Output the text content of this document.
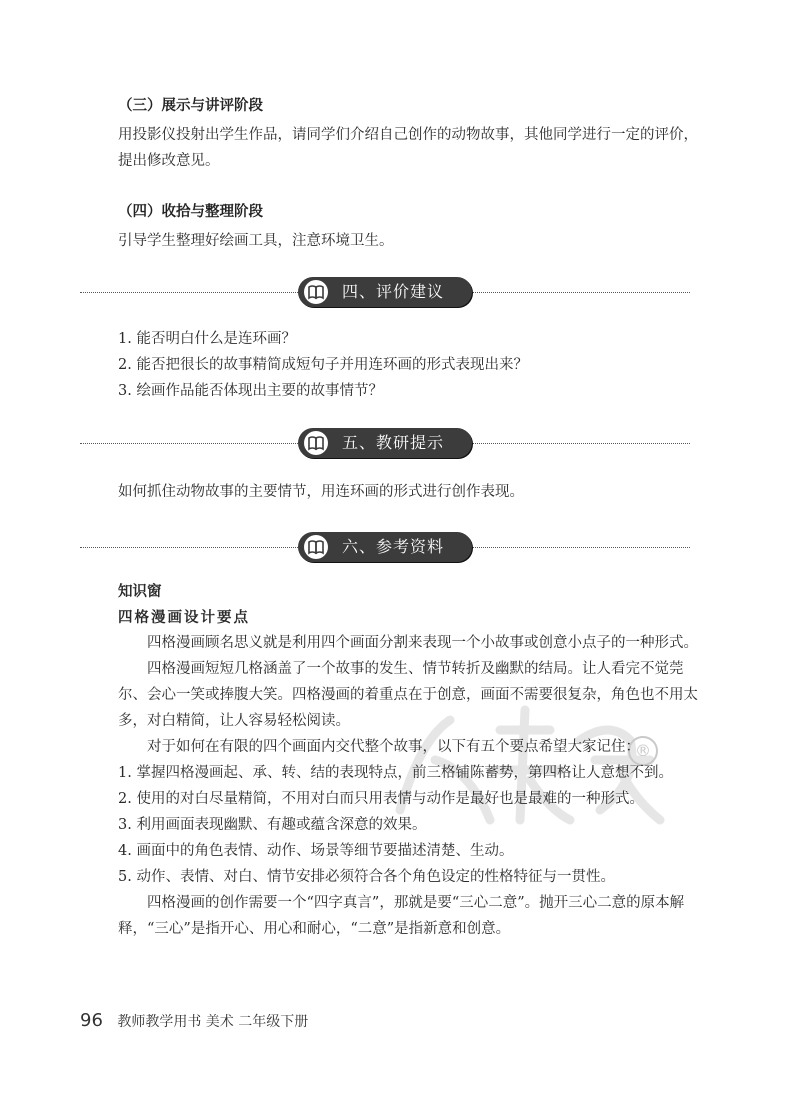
（三）展示与讲评阶段

用投影仪投射出学生作品，请同学们介绍自己创作的动物故事，其他同学进行一定的评价，提出修改意见。

（四）收拾与整理阶段

引导学生整理好绘画工具，注意环境卫生。

四、评价建议

1. 能否明白什么是连环画？

2. 能否把很长的故事精简成短句子并用连环画的形式表现出来？

3. 绘画作品能否体现出主要的故事情节？

五、教研提示

如何抓住动物故事的主要情节，用连环画的形式进行创作表现。

六、参考资料
®
知识窗
四格漫画设计要点

四格漫画顾名思义就是利用四个画面分割来表现一个小故事或创意小点子的一种形式。

四格漫画短短几格涵盖了一个故事的发生、情节转折及幽默的结局。让人看完不觉莞尔、会心一笑或捧腹大笑。四格漫画的着重点在于创意，画面不需要很复杂，角色也不用太多，对白精简，让人容易轻松阅读。

对于如何在有限的四个画面内交代整个故事，以下有五个要点希望大家记住：

1. 掌握四格漫画起、承、转、结的表现特点，前三格铺陈蓄势，第四格让人意想不到。

2. 使用的对白尽量精简，不用对白而只用表情与动作是最好也是最难的一种形式。

3. 利用画面表现幽默、有趣或蕴含深意的效果。

4. 画面中的角色表情、动作、场景等细节要描述清楚、生动。

5. 动作、表情、对白、情节安排必须符合各个角色设定的性格特征与一贯性。

四格漫画的创作需要一个“四字真言”，那就是要“三心二意”。抛开三心二意的原本解释，“三心”是指开心、用心和耐心，“二意”是指新意和创意。

96 教师教学用书 美术 二年级下册
